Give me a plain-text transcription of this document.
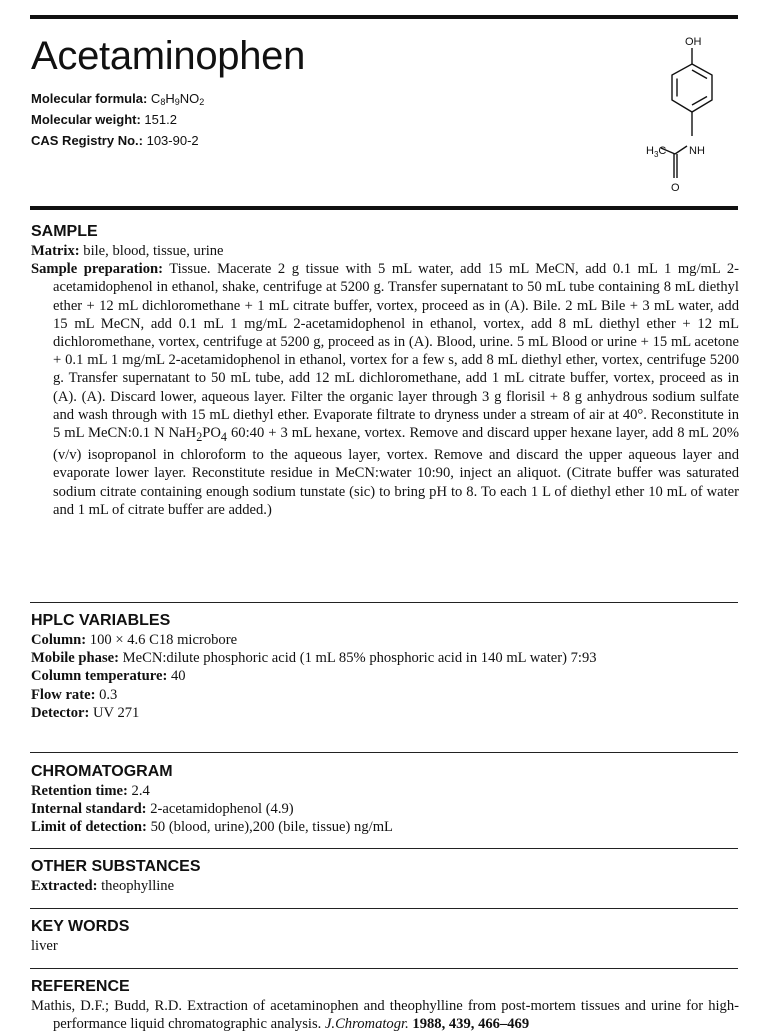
Acetaminophen
Molecular formula: $C_8H_9NO_2$
Molecular weight: 151.2
CAS Registry No.: 103-90-2
OH
NH
$H_3C$
O
SAMPLE

Matrix: bile, blood, tissue, urine

Sample preparation: Tissue. Macerate 2 g tissue with 5 mL water, add 15 mL MeCN, add 0.1 mL 1 mg/mL 2-acetamidophenol in ethanol, shake, centrifuge at 5200 g. Transfer supernatant to 50 mL tube containing 8 mL diethyl ether + 12 mL dichloromethane + 1 mL citrate buffer, vortex, proceed as in (A). Bile. 2 mL Bile + 3 mL water, add 15 mL MeCN, add 0.1 mL 1 mg/mL 2-acetamidophenol in ethanol, vortex, add 8 mL diethyl ether + 12 mL dichloromethane, vortex, centrifuge at 5200 g, proceed as in (A). Blood, urine. 5 mL Blood or urine + 15 mL acetone + 0.1 mL 1 mg/mL 2-acetamidophenol in ethanol, vortex for a few s, add 8 mL diethyl ether, vortex, centrifuge 5200 g. Transfer supernatant to 50 mL tube, add 12 mL dichloromethane, add 1 mL citrate buffer, vortex, proceed as in (A). (A). Discard lower, aqueous layer. Filter the organic layer through 3 g florisil + 8 g anhydrous sodium sulfate and wash through with 15 mL diethyl ether. Evaporate filtrate to dryness under a stream of air at 40°. Reconstitute in 5 mL MeCN:0.1 N $NaH_2PO_4$ 60:40 + 3 mL hexane, vortex. Remove and discard upper hexane layer, add 8 mL 20% (v/v) isopropanol in chloroform to the aqueous layer, vortex. Remove and discard the upper aqueous layer and evaporate lower layer. Reconstitute residue in MeCN:water 10:90, inject an aliquot. (Citrate buffer was saturated sodium citrate containing enough sodium tunstate (sic) to bring pH to 8. To each 1 L of diethyl ether 10 mL of water and 1 mL of citrate buffer are added.)

HPLC VARIABLES

Column: 100 × 4.6 C18 microbore

Mobile phase: MeCN:dilute phosphoric acid (1 mL 85% phosphoric acid in 140 mL water) 7:93

Column temperature: 40

Flow rate: 0.3

Detector: UV 271

CHROMATOGRAM

Retention time: 2.4

Internal standard: 2-acetamidophenol (4.9)

Limit of detection: 50 (blood, urine),200 (bile, tissue) ng/mL

OTHER SUBSTANCES

Extracted: theophylline

KEY WORDS

liver

REFERENCE

Mathis, D.F.; Budd, R.D. Extraction of acetaminophen and theophylline from post-mortem tissues and urine for high-performance liquid chromatographic analysis. J.Chromatogr. 1988, 439, 466–469
